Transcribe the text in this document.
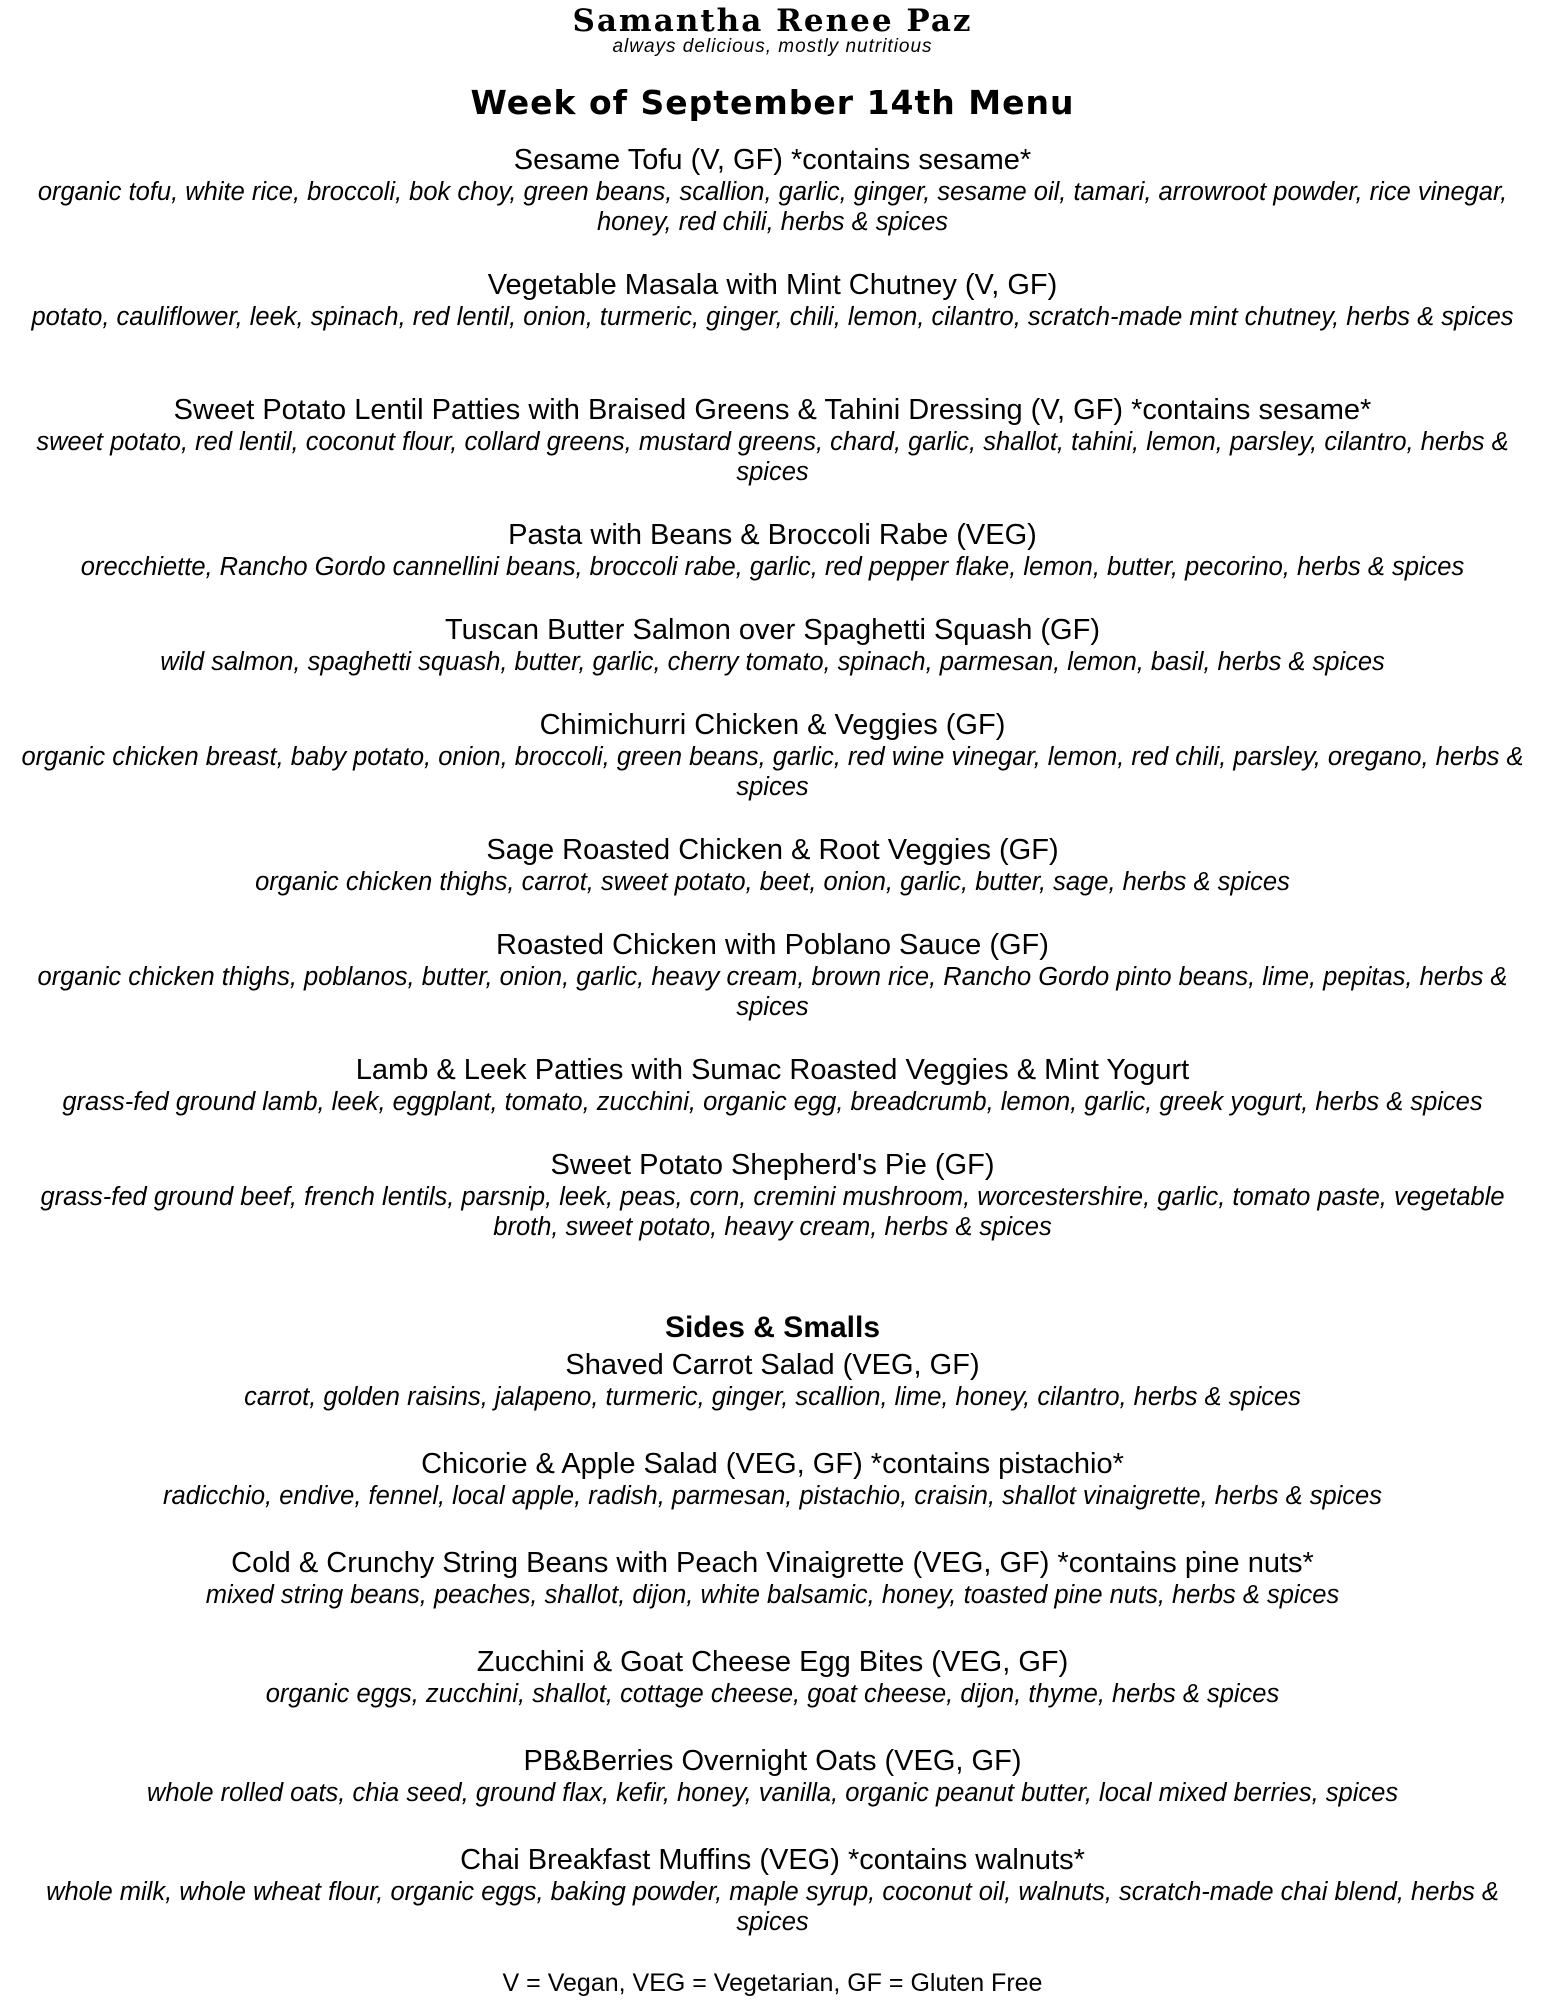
Samantha Renee Paz
always delicious, mostly nutritious
Week of September 14th Menu
Sesame Tofu (V, GF) *contains sesame*
organic tofu, white rice, broccoli, bok choy, green beans, scallion, garlic, ginger, sesame oil, tamari, arrowroot powder, rice vinegar, honey, red chili, herbs & spices
Vegetable Masala with Mint Chutney (V, GF)
potato, cauliflower, leek, spinach, red lentil, onion, turmeric, ginger, chili, lemon, cilantro, scratch-made mint chutney, herbs & spices
Sweet Potato Lentil Patties with Braised Greens & Tahini Dressing (V, GF) *contains sesame*
sweet potato, red lentil, coconut flour, collard greens, mustard greens, chard, garlic, shallot, tahini, lemon, parsley, cilantro, herbs & spices
Pasta with Beans & Broccoli Rabe (VEG)
orecchiette, Rancho Gordo cannellini beans, broccoli rabe, garlic, red pepper flake, lemon, butter, pecorino, herbs & spices
Tuscan Butter Salmon over Spaghetti Squash (GF)
wild salmon, spaghetti squash, butter, garlic, cherry tomato, spinach, parmesan, lemon, basil, herbs & spices
Chimichurri Chicken & Veggies (GF)
organic chicken breast, baby potato, onion, broccoli, green beans, garlic, red wine vinegar, lemon, red chili, parsley, oregano, herbs & spices
Sage Roasted Chicken & Root Veggies (GF)
organic chicken thighs, carrot, sweet potato, beet, onion, garlic, butter, sage, herbs & spices
Roasted Chicken with Poblano Sauce (GF)
organic chicken thighs, poblanos, butter, onion, garlic, heavy cream, brown rice, Rancho Gordo pinto beans, lime, pepitas, herbs & spices
Lamb & Leek Patties with Sumac Roasted Veggies & Mint Yogurt
grass-fed ground lamb, leek, eggplant, tomato, zucchini, organic egg, breadcrumb, lemon, garlic, greek yogurt, herbs & spices
Sweet Potato Shepherd's Pie (GF)
grass-fed ground beef, french lentils, parsnip, leek, peas, corn, cremini mushroom, worcestershire, garlic, tomato paste, vegetable broth, sweet potato, heavy cream, herbs & spices
Sides & Smalls
Shaved Carrot Salad (VEG, GF)
carrot, golden raisins, jalapeno, turmeric, ginger, scallion, lime, honey, cilantro, herbs & spices
Chicorie & Apple Salad (VEG, GF) *contains pistachio*
radicchio, endive, fennel, local apple, radish, parmesan, pistachio, craisin, shallot vinaigrette, herbs & spices
Cold & Crunchy String Beans with Peach Vinaigrette (VEG, GF) *contains pine nuts*
mixed string beans, peaches, shallot, dijon, white balsamic, honey, toasted pine nuts, herbs & spices
Zucchini & Goat Cheese Egg Bites (VEG, GF)
organic eggs, zucchini, shallot, cottage cheese, goat cheese, dijon, thyme, herbs & spices
PB&Berries Overnight Oats (VEG, GF)
whole rolled oats, chia seed, ground flax, kefir, honey, vanilla, organic peanut butter, local mixed berries, spices
Chai Breakfast Muffins (VEG) *contains walnuts*
whole milk, whole wheat flour, organic eggs, baking powder, maple syrup, coconut oil, walnuts, scratch-made chai blend, herbs & spices
V = Vegan, VEG = Vegetarian, GF = Gluten Free
